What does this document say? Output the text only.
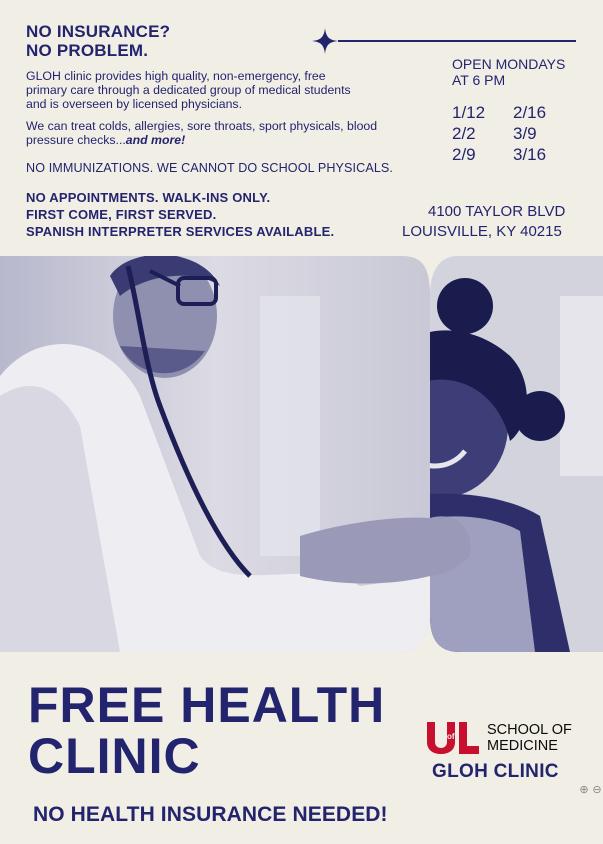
NO INSURANCE?
NO PROBLEM.
GLOH clinic provides high quality, non-emergency, free primary care through a dedicated group of medical students and is overseen by licensed physicians.
We can treat colds, allergies, sore throats, sport physicals, blood pressure checks...and more!
NO IMMUNIZATIONS. WE CANNOT DO SCHOOL PHYSICALS.
NO APPOINTMENTS. WALK-INS ONLY.
FIRST COME, FIRST SERVED.
SPANISH INTERPRETER SERVICES AVAILABLE.
OPEN MONDAYS
AT 6 PM
1/12 2/16
2/2 3/9
2/9 3/16
4100 TAYLOR BLVD
LOUISVILLE, KY 40215
FREE HEALTH
CLINIC
NO HEALTH INSURANCE NEEDED!
of SCHOOL OF
MEDICINE
GLOH CLINIC
⊕ ⊖
